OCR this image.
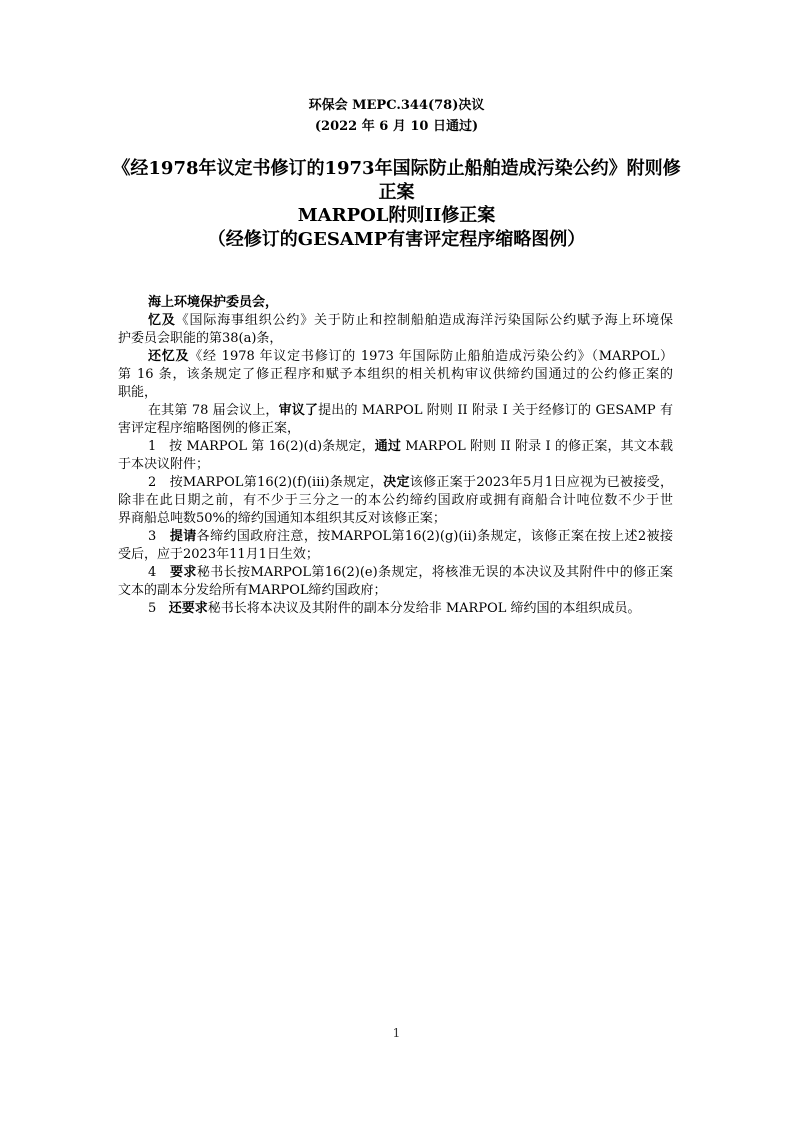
环保会 MEPC.344(78)决议
(2022 年 6 月 10 日通过)
《经1978年议定书修订的1973年国际防止船舶造成污染公约》附则修
正案
MARPOL附则II修正案
（经修订的GESAMP有害评定程序缩略图例）
海上环境保护委员会，
忆及《国际海事组织公约》关于防止和控制船舶造成海洋污染国际公约赋予海上环境保
护委员会职能的第38(a)条，
还忆及《经 1978 年议定书修订的 1973 年国际防止船舶造成污染公约》（MARPOL）
第 16 条，该条规定了修正程序和赋予本组织的相关机构审议供缔约国通过的公约修正案的
职能，
在其第 78 届会议上，审议了提出的 MARPOL 附则 II 附录 I 关于经修订的 GESAMP 有
害评定程序缩略图例的修正案，
1 按 MARPOL 第 16(2)(d)条规定，通过 MARPOL 附则 II 附录 I 的修正案，其文本载
于本决议附件；
2 按MARPOL第16(2)(f)(iii)条规定，决定该修正案于2023年5月1日应视为已被接受，
除非在此日期之前，有不少于三分之一的本公约缔约国政府或拥有商船合计吨位数不少于世
界商船总吨数50%的缔约国通知本组织其反对该修正案；
3 提请各缔约国政府注意，按MARPOL第16(2)(g)(ii)条规定，该修正案在按上述2被接
受后，应于2023年11月1日生效；
4 要求秘书长按MARPOL第16(2)(e)条规定，将核准无误的本决议及其附件中的修正案
文本的副本分发给所有MARPOL缔约国政府；
5 还要求秘书长将本决议及其附件的副本分发给非 MARPOL 缔约国的本组织成员。
1
